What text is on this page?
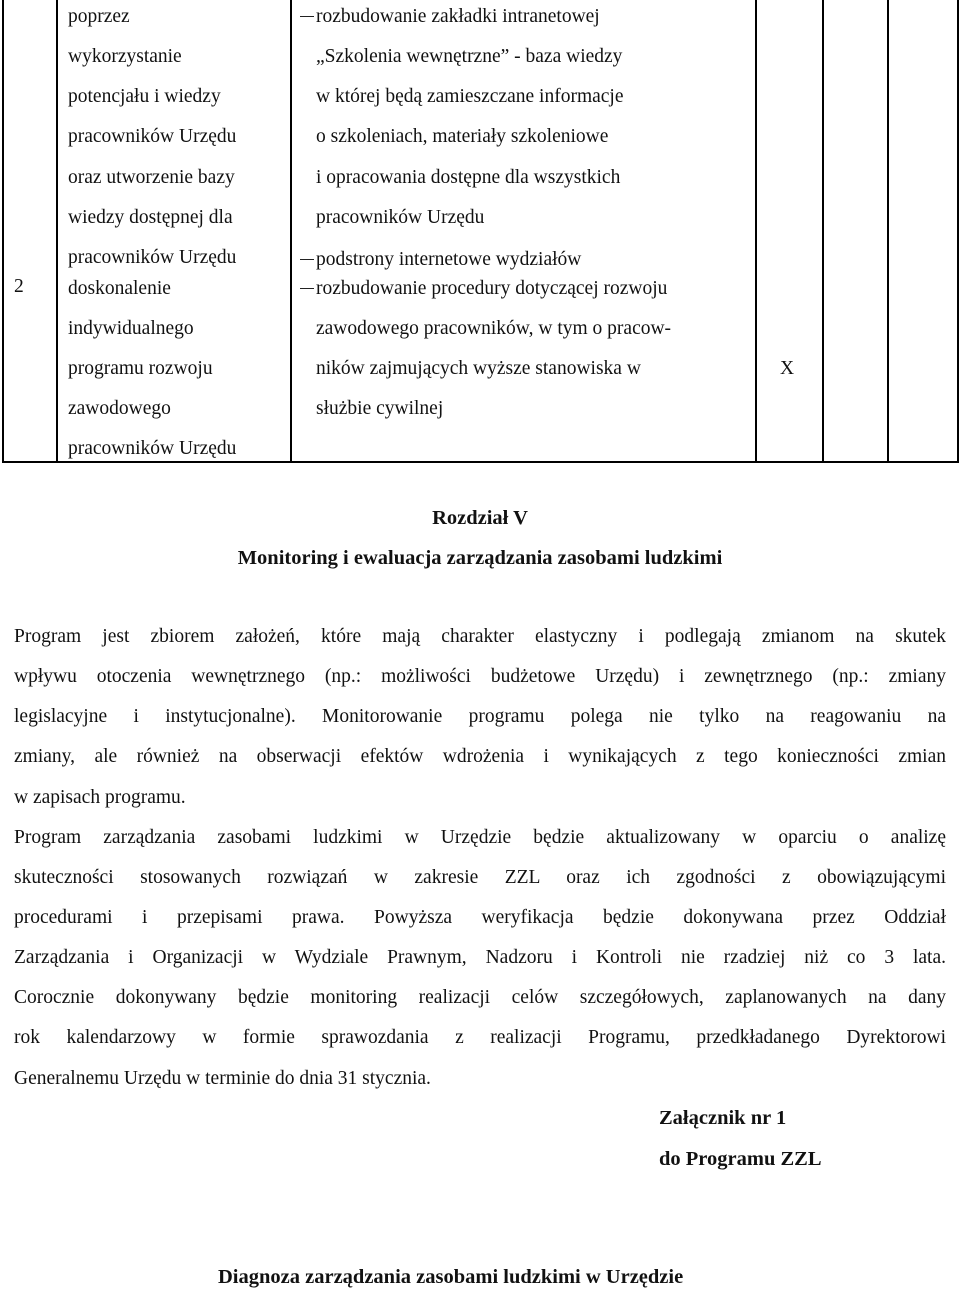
2
poprzez
wykorzystanie
potencjału i wiedzy
pracowników Urzędu
oraz utworzenie bazy
wiedzy dostępnej dla
pracowników Urzędu
doskonalenie
indywidualnego
programu rozwoju
zawodowego
pracowników Urzędu
rozbudowanie zakładki intranetowej
„Szkolenia wewnętrzne” - baza wiedzy
w której będą zamieszczane informacje
o szkoleniach, materiały szkoleniowe
i opracowania dostępne dla wszystkich
pracowników Urzędu
podstrony internetowe wydziałów
rozbudowanie procedury dotyczącej rozwoju
zawodowego pracowników, w tym o pracow-
ników zajmujących wyższe stanowiska w
służbie cywilnej
X
Rozdział V
Monitoring i ewaluacja zarządzania zasobami ludzkimi
Program jest zbiorem założeń, które mają charakter elastyczny i podlegają zmianom na skutek
wpływu otoczenia wewnętrznego (np.: możliwości budżetowe Urzędu) i zewnętrznego (np.: zmiany
legislacyjne i instytucjonalne). Monitorowanie programu polega nie tylko na reagowaniu na
zmiany, ale również na obserwacji efektów wdrożenia i wynikających z tego konieczności zmian
w zapisach programu.
Program zarządzania zasobami ludzkimi w Urzędzie będzie aktualizowany w oparciu o analizę
skuteczności stosowanych rozwiązań w zakresie ZZL oraz ich zgodności z obowiązującymi
procedurami i przepisami prawa. Powyższa weryfikacja będzie dokonywana przez Oddział
Zarządzania i Organizacji w Wydziale Prawnym, Nadzoru i Kontroli nie rzadziej niż co 3 lata.
Corocznie dokonywany będzie monitoring realizacji celów szczegółowych, zaplanowanych na dany
rok kalendarzowy w formie sprawozdania z realizacji Programu, przedkładanego Dyrektorowi
Generalnemu Urzędu w terminie do dnia 31 stycznia.
Załącznik nr 1
do Programu ZZL
Diagnoza zarządzania zasobami ludzkimi w Urzędzie
